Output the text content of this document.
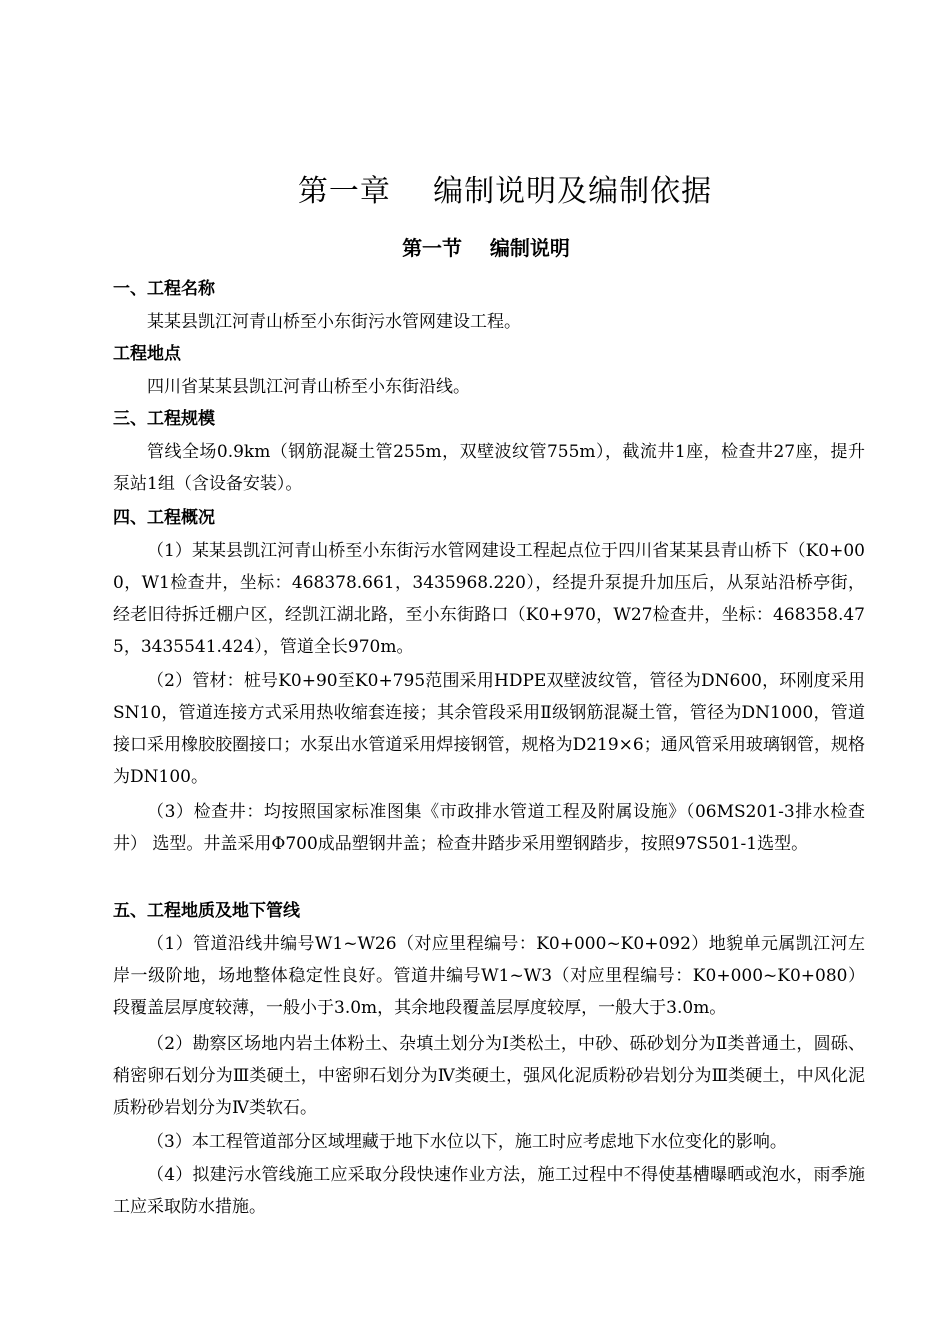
第一章    编制说明及编制依据
第一节    编制说明
一、工程名称

某某县凯江河青山桥至小东街污水管网建设工程。

工程地点

四川省某某县凯江河青山桥至小东街沿线。

三、工程规模

管线全场0.9km（钢筋混凝土管255m，双壁波纹管755m），截流井1座，检查井27座，提升泵站1组（含设备安装）。

四、工程概况

（1）某某县凯江河青山桥至小东街污水管网建设工程起点位于四川省某某县青山桥下（K0+000，W1检查井，坐标：468378.661，3435968.220），经提升泵提升加压后，从泵站沿桥亭街，经老旧待拆迁棚户区，经凯江湖北路，至小东街路口（K0+970，W27检查井，坐标：468358.475，3435541.424），管道全长970m。

（2）管材：桩号K0+90至K0+795范围采用HDPE双壁波纹管，管径为DN600，环刚度采用SN10，管道连接方式采用热收缩套连接；其余管段采用Ⅱ级钢筋混凝土管，管径为DN1000，管道接口采用橡胶胶圈接口；水泵出水管道采用焊接钢管，规格为D219×6；通风管采用玻璃钢管，规格为DN100。

（3）检查井：均按照国家标准图集《市政排水管道工程及附属设施》（06MS201-3排水检查井） 选型。井盖采用Φ700成品塑钢井盖；检查井踏步采用塑钢踏步，按照97S501-1选型。

五、工程地质及地下管线

（1）管道沿线井编号W1~W26（对应里程编号：K0+000~K0+092）地貌单元属凯江河左岸一级阶地，场地整体稳定性良好。管道井编号W1~W3（对应里程编号：K0+000~K0+080）段覆盖层厚度较薄，一般小于3.0m，其余地段覆盖层厚度较厚，一般大于3.0m。

（2）勘察区场地内岩土体粉土、杂填土划分为Ⅰ类松土，中砂、砾砂划分为Ⅱ类普通土，圆砾、稍密卵石划分为Ⅲ类硬土，中密卵石划分为Ⅳ类硬土，强风化泥质粉砂岩划分为Ⅲ类硬土，中风化泥质粉砂岩划分为Ⅳ类软石。

（3）本工程管道部分区域埋藏于地下水位以下，施工时应考虑地下水位变化的影响。

（4）拟建污水管线施工应采取分段快速作业方法，施工过程中不得使基槽曝晒或泡水，雨季施工应采取防水措施。
